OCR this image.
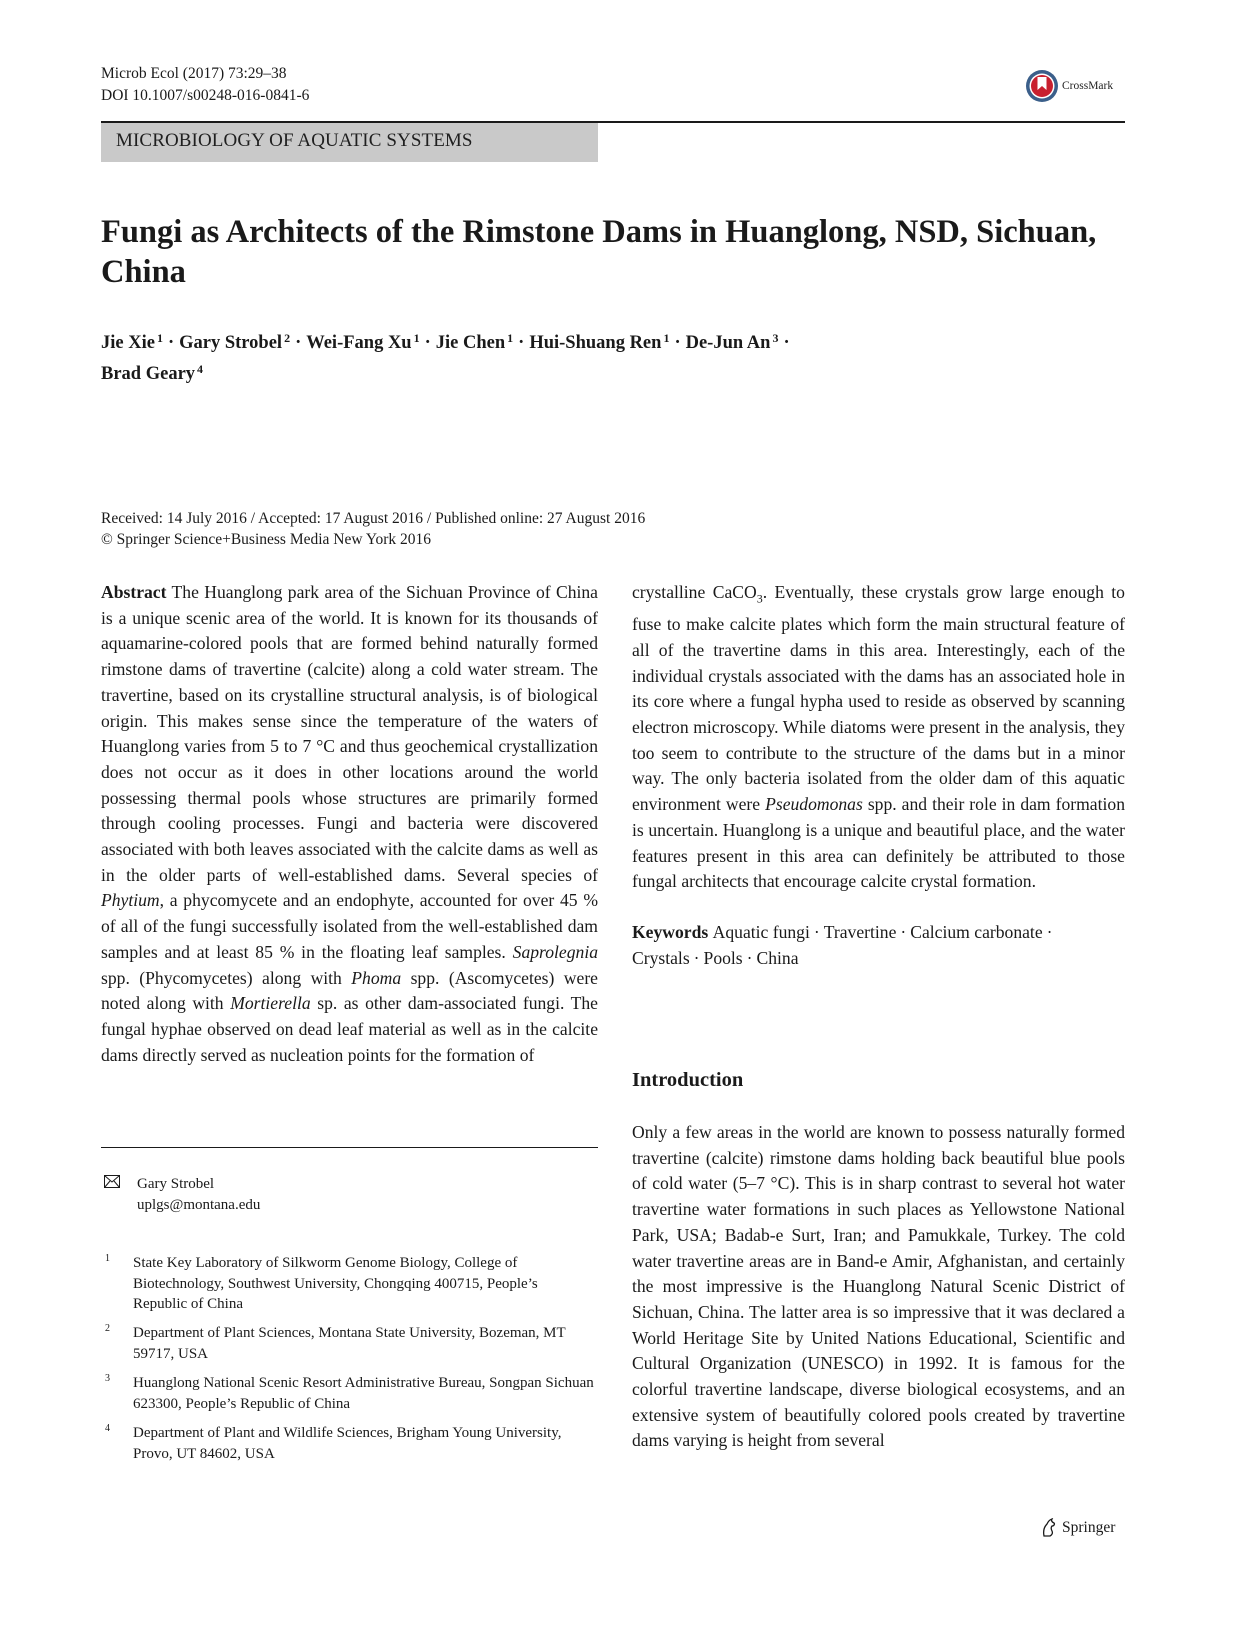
Microb Ecol (2017) 73:29–38
DOI 10.1007/s00248-016-0841-6
CrossMark
MICROBIOLOGY OF AQUATIC SYSTEMS
Fungi as Architects of the Rimstone Dams in Huanglong, NSD, Sichuan, China
Jie Xie $^1$ · Gary Strobel $^2$ · Wei-Fang Xu $^1$ · Jie Chen $^1$ · Hui-Shuang Ren $^1$ · De-Jun An $^3$ ·
Brad Geary $^4$
Received: 14 July 2016 / Accepted: 17 August 2016 / Published online: 27 August 2016
© Springer Science+Business Media New York 2016

Abstract The Huanglong park area of the Sichuan Province of China is a unique scenic area of the world. It is known for its thousands of aquamarine-colored pools that are formed behind naturally formed rimstone dams of travertine (calcite) along a cold water stream. The travertine, based on its crystalline structural analysis, is of biological origin. This makes sense since the temperature of the waters of Huanglong varies from 5 to 7 °C and thus geochemical crystallization does not occur as it does in other locations around the world possessing thermal pools whose structures are primarily formed through cooling processes. Fungi and bacteria were discovered associated with both leaves associated with the calcite dams as well as in the older parts of well-established dams. Several species of Phytium, a phycomycete and an endophyte, accounted for over 45 % of all of the fungi successfully isolated from the well-established dam samples and at least 85 % in the floating leaf samples. Saprolegnia spp. (Phycomycetes) along with Phoma spp. (Ascomycetes) were noted along with Mortierella sp. as other dam-associated fungi. The fungal hyphae observed on dead leaf material as well as in the calcite dams directly served as nucleation points for the formation of

crystalline CaCO$_3$. Eventually, these crystals grow large enough to fuse to make calcite plates which form the main structural feature of all of the travertine dams in this area. Interestingly, each of the individual crystals associated with the dams has an associated hole in its core where a fungal hypha used to reside as observed by scanning electron microscopy. While diatoms were present in the analysis, they too seem to contribute to the structure of the dams but in a minor way. The only bacteria isolated from the older dam of this aquatic environment were Pseudomonas spp. and their role in dam formation is uncertain. Huanglong is a unique and beautiful place, and the water features present in this area can definitely be attributed to those fungal architects that encourage calcite crystal formation.

Keywords Aquatic fungi · Travertine · Calcium carbonate ·
Crystals · Pools · China

Gary Strobel
uplgs@montana.edu
1 State Key Laboratory of Silkworm Genome Biology, College of Biotechnology, Southwest University, Chongqing 400715, People’s Republic of China
2 Department of Plant Sciences, Montana State University, Bozeman, MT 59717, USA
3 Huanglong National Scenic Resort Administrative Bureau, Songpan Sichuan 623300, People’s Republic of China
4 Department of Plant and Wildlife Sciences, Brigham Young University, Provo, UT 84602, USA
Introduction

Only a few areas in the world are known to possess naturally formed travertine (calcite) rimstone dams holding back beautiful blue pools of cold water (5–7 °C). This is in sharp contrast to several hot water travertine water formations in such places as Yellowstone National Park, USA; Badab-e Surt, Iran; and Pamukkale, Turkey. The cold water travertine areas are in Band-e Amir, Afghanistan, and certainly the most impressive is the Huanglong Natural Scenic District of Sichuan, China. The latter area is so impressive that it was declared a World Heritage Site by United Nations Educational, Scientific and Cultural Organization (UNESCO) in 1992. It is famous for the colorful travertine landscape, diverse biological ecosystems, and an extensive system of beautifully colored pools created by travertine dams varying is height from several

Springer
